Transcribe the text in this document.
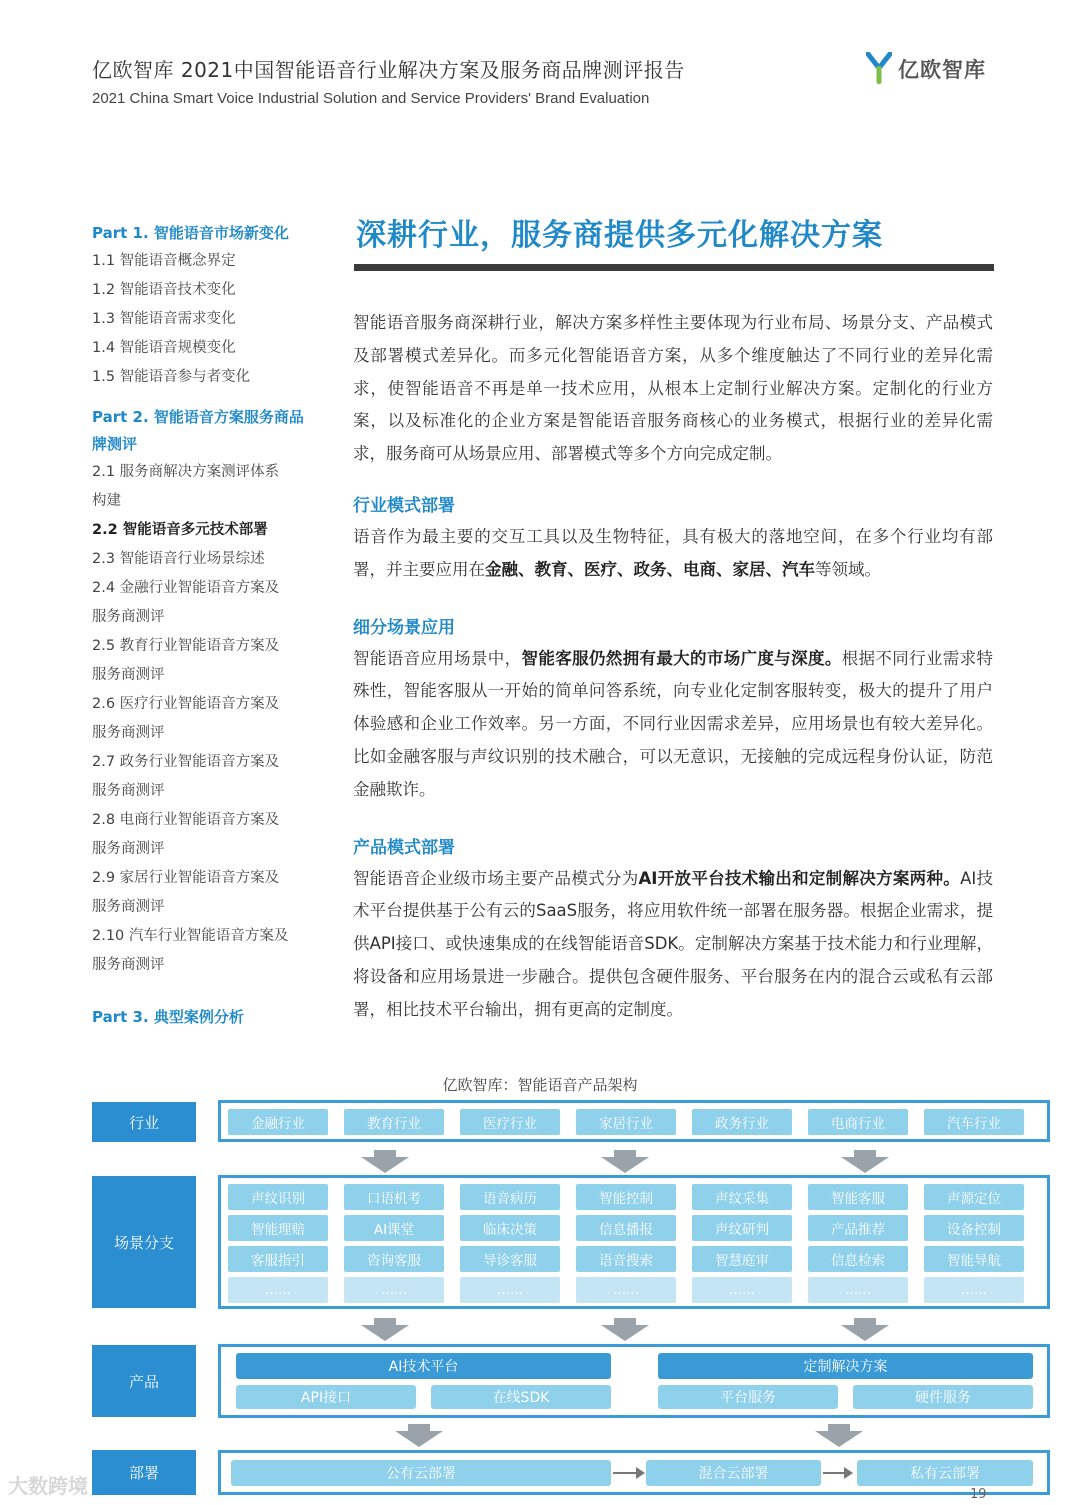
亿欧智库 2021中国智能语音行业解决方案及服务商品牌测评报告
2021 China Smart Voice Industrial Solution and Service Providers' Brand Evaluation
亿欧智库
Part 1. 智能语音市场新变化
1.1 智能语音概念界定
1.2 智能语音技术变化
1.3 智能语音需求变化
1.4 智能语音规模变化
1.5 智能语音参与者变化
Part 2. 智能语音方案服务商品
牌测评
2.1 服务商解决方案测评体系
构建
2.2 智能语音多元技术部署
2.3 智能语音行业场景综述
2.4 金融行业智能语音方案及
服务商测评
2.5 教育行业智能语音方案及
服务商测评
2.6 医疗行业智能语音方案及
服务商测评
2.7 政务行业智能语音方案及
服务商测评
2.8 电商行业智能语音方案及
服务商测评
2.9 家居行业智能语音方案及
服务商测评
2.10 汽车行业智能语音方案及
服务商测评
Part 3. 典型案例分析
深耕行业，服务商提供多元化解决方案

智能语音服务商深耕行业，解决方案多样性主要体现为行业布局、场景分支、产品模式及部署模式差异化。而多元化智能语音方案，从多个维度触达了不同行业的差异化需求，使智能语音不再是单一技术应用，从根本上定制行业解决方案。定制化的行业方案，以及标准化的企业方案是智能语音服务商核心的业务模式，根据行业的差异化需求，服务商可从场景应用、部署模式等多个方向完成定制。

行业模式部署

语音作为最主要的交互工具以及生物特征，具有极大的落地空间，在多个行业均有部署，并主要应用在金融、教育、医疗、政务、电商、家居、汽车等领域。

细分场景应用

智能语音应用场景中，智能客服仍然拥有最大的市场广度与深度。根据不同行业需求特殊性，智能客服从一开始的简单问答系统，向专业化定制客服转变，极大的提升了用户体验感和企业工作效率。另一方面，不同行业因需求差异，应用场景也有较大差异化。比如金融客服与声纹识别的技术融合，可以无意识，无接触的完成远程身份认证，防范金融欺诈。

产品模式部署

智能语音企业级市场主要产品模式分为AI开放平台技术输出和定制解决方案两种。AI技术平台提供基于公有云的SaaS服务，将应用软件统一部署在服务器。根据企业需求，提供API接口、或快速集成的在线智能语音SDK。定制解决方案基于技术能力和行业理解，将设备和应用场景进一步融合。提供包含硬件服务、平台服务在内的混合云或私有云部署，相比技术平台输出，拥有更高的定制度。

亿欧智库：智能语音产品架构
行业	金融行业	教育行业	医疗行业	家居行业	政务行业	电商行业	汽车行业
场景分支
声纹识别	口语机考	语音病历	智能控制	声纹采集	智能客服	声源定位
智能理赔	AI课堂	临床决策	信息播报	声纹研判	产品推荐	设备控制
客服指引	咨询客服	导诊客服	语音搜索	智慧庭审	信息检索	智能导航
......	......	......	......	......	......	......
产品
AI技术平台
API接口	在线SDK
定制解决方案
平台服务	硬件服务
部署	公有云部署	混合云部署	私有云部署
大数跨境	19
